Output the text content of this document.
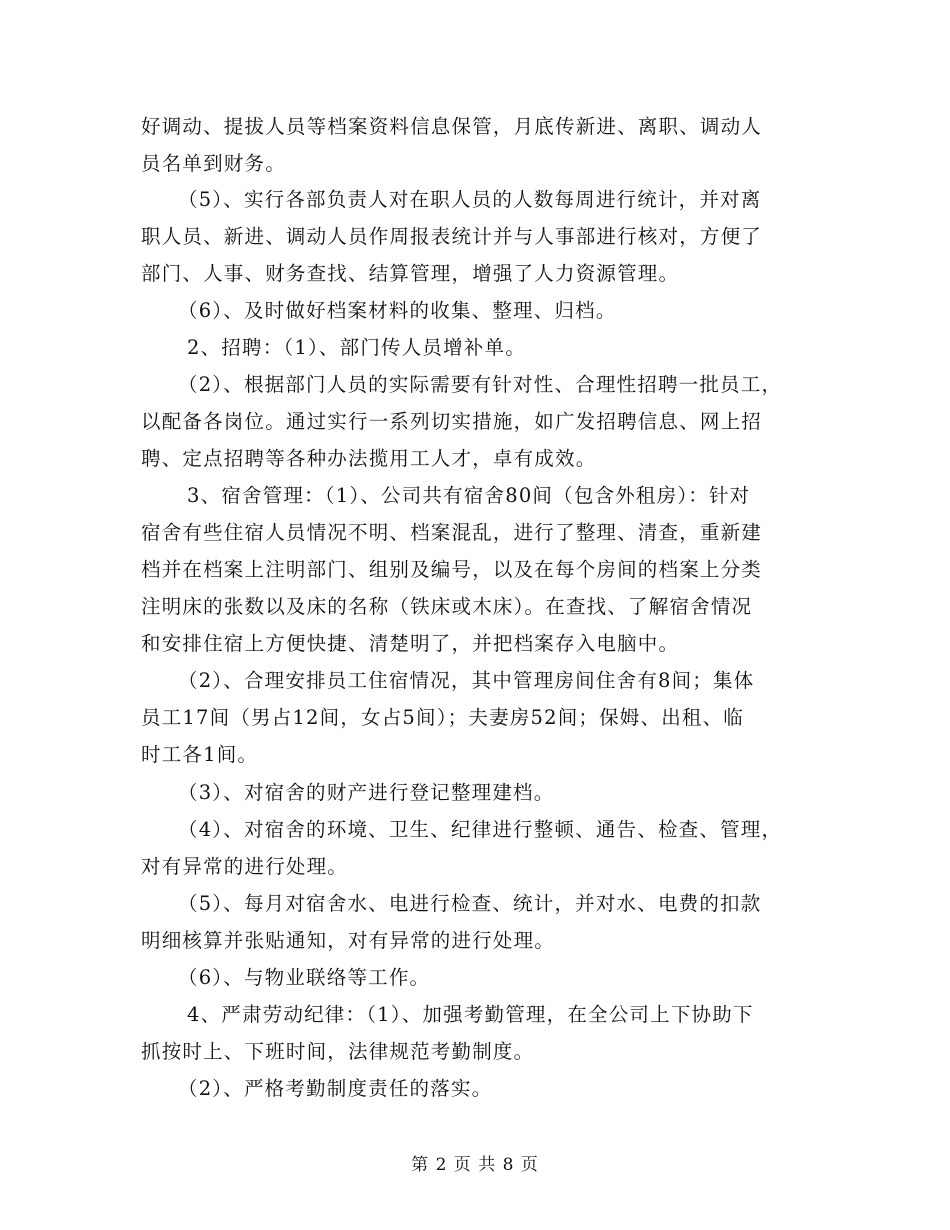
好调动、提拔人员等档案资料信息保管，月底传新进、离职、调动人
员名单到财务。
（5）、实行各部负责人对在职人员的人数每周进行统计，并对离
职人员、新进、调动人员作周报表统计并与人事部进行核对，方便了
部门、人事、财务查找、结算管理，增强了人力资源管理。
（6）、及时做好档案材料的收集、整理、归档。
2、招聘：（1）、部门传人员增补单。
（2）、根据部门人员的实际需要有针对性、合理性招聘一批员工，
以配备各岗位。通过实行一系列切实措施，如广发招聘信息、网上招
聘、定点招聘等各种办法揽用工人才，卓有成效。
3、宿舍管理：（1）、公司共有宿舍80间（包含外租房）：针对
宿舍有些住宿人员情况不明、档案混乱，进行了整理、清查，重新建
档并在档案上注明部门、组别及编号，以及在每个房间的档案上分类
注明床的张数以及床的名称（铁床或木床）。在查找、了解宿舍情况
和安排住宿上方便快捷、清楚明了，并把档案存入电脑中。
（2）、合理安排员工住宿情况，其中管理房间住舍有8间；集体
员工17间（男占12间，女占5间）；夫妻房52间；保姆、出租、临
时工各1间。
（3）、对宿舍的财产进行登记整理建档。
（4）、对宿舍的环境、卫生、纪律进行整顿、通告、检查、管理，
对有异常的进行处理。
（5）、每月对宿舍水、电进行检查、统计，并对水、电费的扣款
明细核算并张贴通知，对有异常的进行处理。
（6）、与物业联络等工作。
4、严肃劳动纪律：（1）、加强考勤管理，在全公司上下协助下
抓按时上、下班时间，法律规范考勤制度。
（2）、严格考勤制度责任的落实。
第 2 页 共 8 页
